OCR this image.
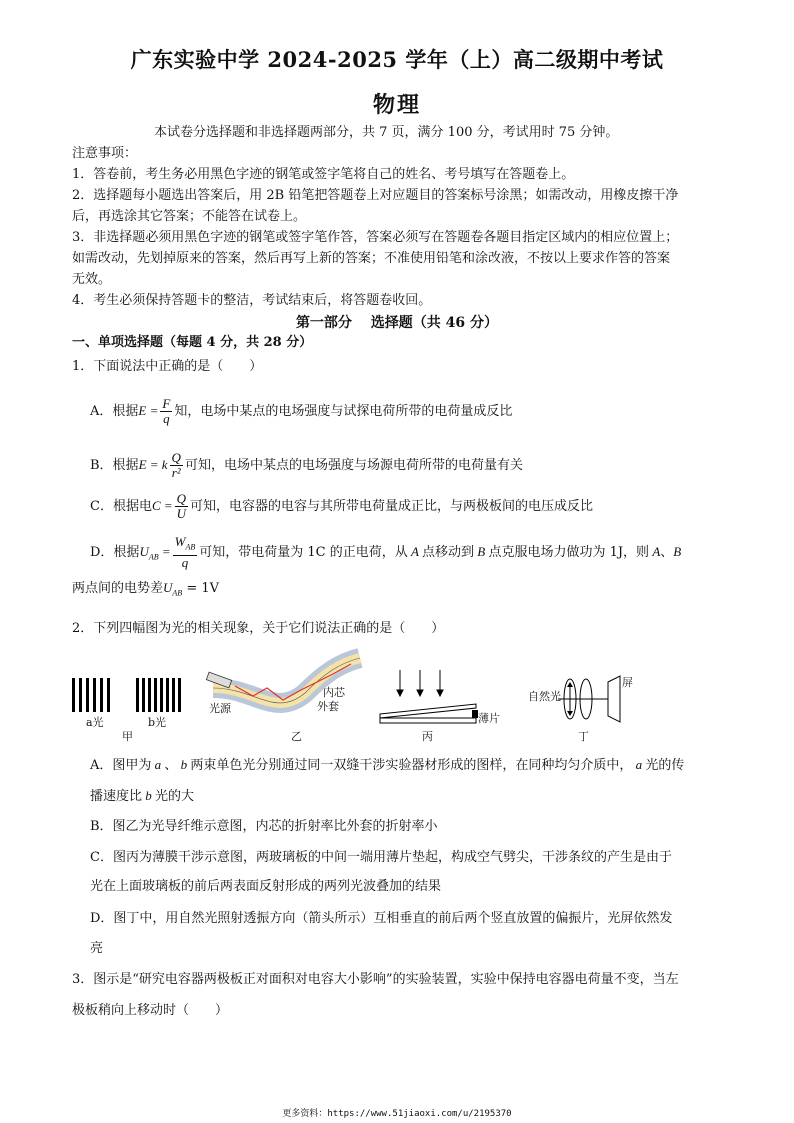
广东实验中学 2024-2025 学年（上）高二级期中考试
物理
本试卷分选择题和非选择题两部分，共 7 页，满分 100 分，考试用时 75 分钟。
注意事项：
1．答卷前，考生务必用黑色字迹的钢笔或签字笔将自己的姓名、考号填写在答题卷上。
2．选择题每小题选出答案后，用 2B 铅笔把答题卷上对应题目的答案标号涂黑；如需改动，用橡皮擦干净
后，再选涂其它答案；不能答在试卷上。
3．非选择题必须用黑色字迹的钢笔或签字笔作答，答案必须写在答题卷各题目指定区域内的相应位置上；
如需改动，先划掉原来的答案，然后再写上新的答案；不准使用铅笔和涂改液，不按以上要求作答的答案
无效。
4．考生必须保持答题卡的整洁，考试结束后，将答题卷收回。
第一部分　 选择题（共 46 分）
一、单项选择题（每题 4 分，共 28 分）
1．下面说法中正确的是（　　）
A．根据$E = \frac{F}{q}$ 知，电场中某点的电场强度与试探电荷所带的电荷量成反比
B．根据E = k $\frac{Q}{\text{r²}}$ 可知，电场中某点的电场强度与场源电荷所带的电荷量有关
C．根据电$C = \frac{Q}{U}$ 可知，电容器的电容与其所带电荷量成正比，与两极板间的电压成反比
D．根据$U_{AB} = \frac{W_{AB}}{q}$ 可知，带电荷量为 1C 的正电荷，从 A 点移动到 B 点克服电场力做功为 1J，则 A、B
两点间的电势差$U_{AB} = 1V$
2．下列四幅图为光的相关现象，关于它们说法正确的是（　　）
a光	b光
甲
光源
内芯
外套
乙
薄片
丙
自然光
屏
丁
A．图甲为 a 、 b 两束单色光分别通过同一双缝干涉实验器材形成的图样，在同种均匀介质中， a 光的传
播速度比 b 光的大
B．图乙为光导纤维示意图，内芯的折射率比外套的折射率小
C．图丙为薄膜干涉示意图，两玻璃板的中间一端用薄片垫起，构成空气劈尖，干涉条纹的产生是由于
光在上面玻璃板的前后两表面反射形成的两列光波叠加的结果
D．图丁中，用自然光照射透振方向（箭头所示）互相垂直的前后两个竖直放置的偏振片，光屏依然发
亮
3．图示是“研究电容器两极板正对面积对电容大小影响”的实验装置，实验中保持电容器电荷量不变，当左
极板稍向上移动时（　　）
更多资料：https://www.51jiaoxi.com/u/2195370
